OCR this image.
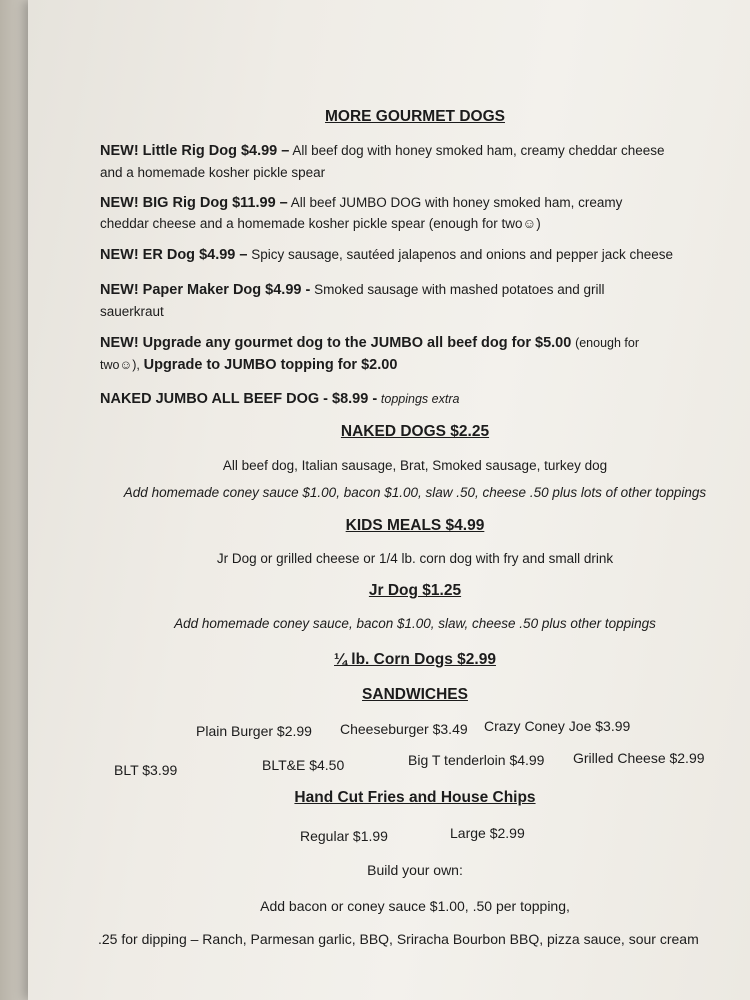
MORE GOURMET DOGS
NEW! Little Rig Dog $4.99 – All beef dog with honey smoked ham, creamy cheddar cheese
and a homemade kosher pickle spear
NEW! BIG Rig Dog $11.99 – All beef JUMBO DOG with honey smoked ham, creamy
cheddar cheese and a homemade kosher pickle spear (enough for two☺)
NEW! ER Dog $4.99 – Spicy sausage, sautéed jalapenos and onions and pepper jack cheese
NEW! Paper Maker Dog $4.99 - Smoked sausage with mashed potatoes and grill
sauerkraut
NEW! Upgrade any gourmet dog to the JUMBO all beef dog for $5.00 (enough for
two☺), Upgrade to JUMBO topping for $2.00
NAKED JUMBO ALL BEEF DOG - $8.99 - toppings extra
NAKED DOGS $2.25
All beef dog, Italian sausage, Brat, Smoked sausage, turkey dog
Add homemade coney sauce $1.00, bacon $1.00, slaw .50, cheese .50 plus lots of other toppings
KIDS MEALS $4.99
Jr Dog or grilled cheese or 1/4 lb. corn dog with fry and small drink
Jr Dog $1.25
Add homemade coney sauce, bacon $1.00, slaw, cheese .50 plus other toppings
¼ lb. Corn Dogs $2.99
SANDWICHES
Plain Burger $2.99 Cheeseburger $3.49 Crazy Coney Joe $3.99
BLT $3.99	BLT&E $4.50	Big T tenderloin $4.99 Grilled Cheese $2.99
Hand Cut Fries and House Chips
Regular $1.99	Large $2.99
Build your own:
Add bacon or coney sauce $1.00, .50 per topping,
.25 for dipping – Ranch, Parmesan garlic, BBQ, Sriracha Bourbon BBQ, pizza sauce, sour cream
